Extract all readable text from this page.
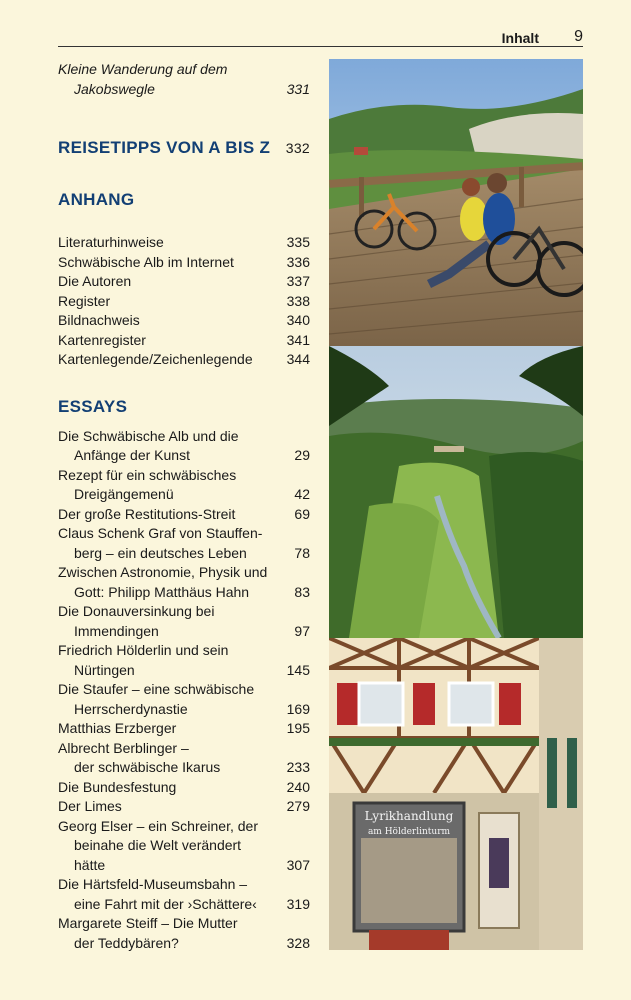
Inhalt 9
Kleine Wanderung auf dem
Jakobswegle	331
REISETIPPS VON A BIS Z 332
ANHANG
Literaturhinweise	335
Schwäbische Alb im Internet	336
Die Autoren	337
Register	338
Bildnachweis	340
Kartenregister	341
Kartenlegende/Zeichenlegende 344
ESSAYS
Die Schwäbische Alb und die
Anfänge der Kunst	29
Rezept für ein schwäbisches
Dreigängemenü	42
Der große Restitutions-Streit	69
Claus Schenk Graf von Stauffen-
berg – ein deutsches Leben	78
Zwischen Astronomie, Physik und
Gott: Philipp Matthäus Hahn	83
Die Donauversinkung bei
Immendingen	97
Friedrich Hölderlin und sein
Nürtingen	145
Die Staufer – eine schwäbische
Herrscherdynastie	169
Matthias Erzberger	195
Albrecht Berblinger –
der schwäbische Ikarus	233
Die Bundesfestung	240
Der Limes	279
Georg Elser – ein Schreiner, der
beinahe die Welt verändert
hätte	307
Die Härtsfeld-Museumsbahn –
eine Fahrt mit der ›Schättere‹	319
Margarete Steiff – Die Mutter
der Teddybären?	328
Lyrikhandlung
am Hölderlinturm
